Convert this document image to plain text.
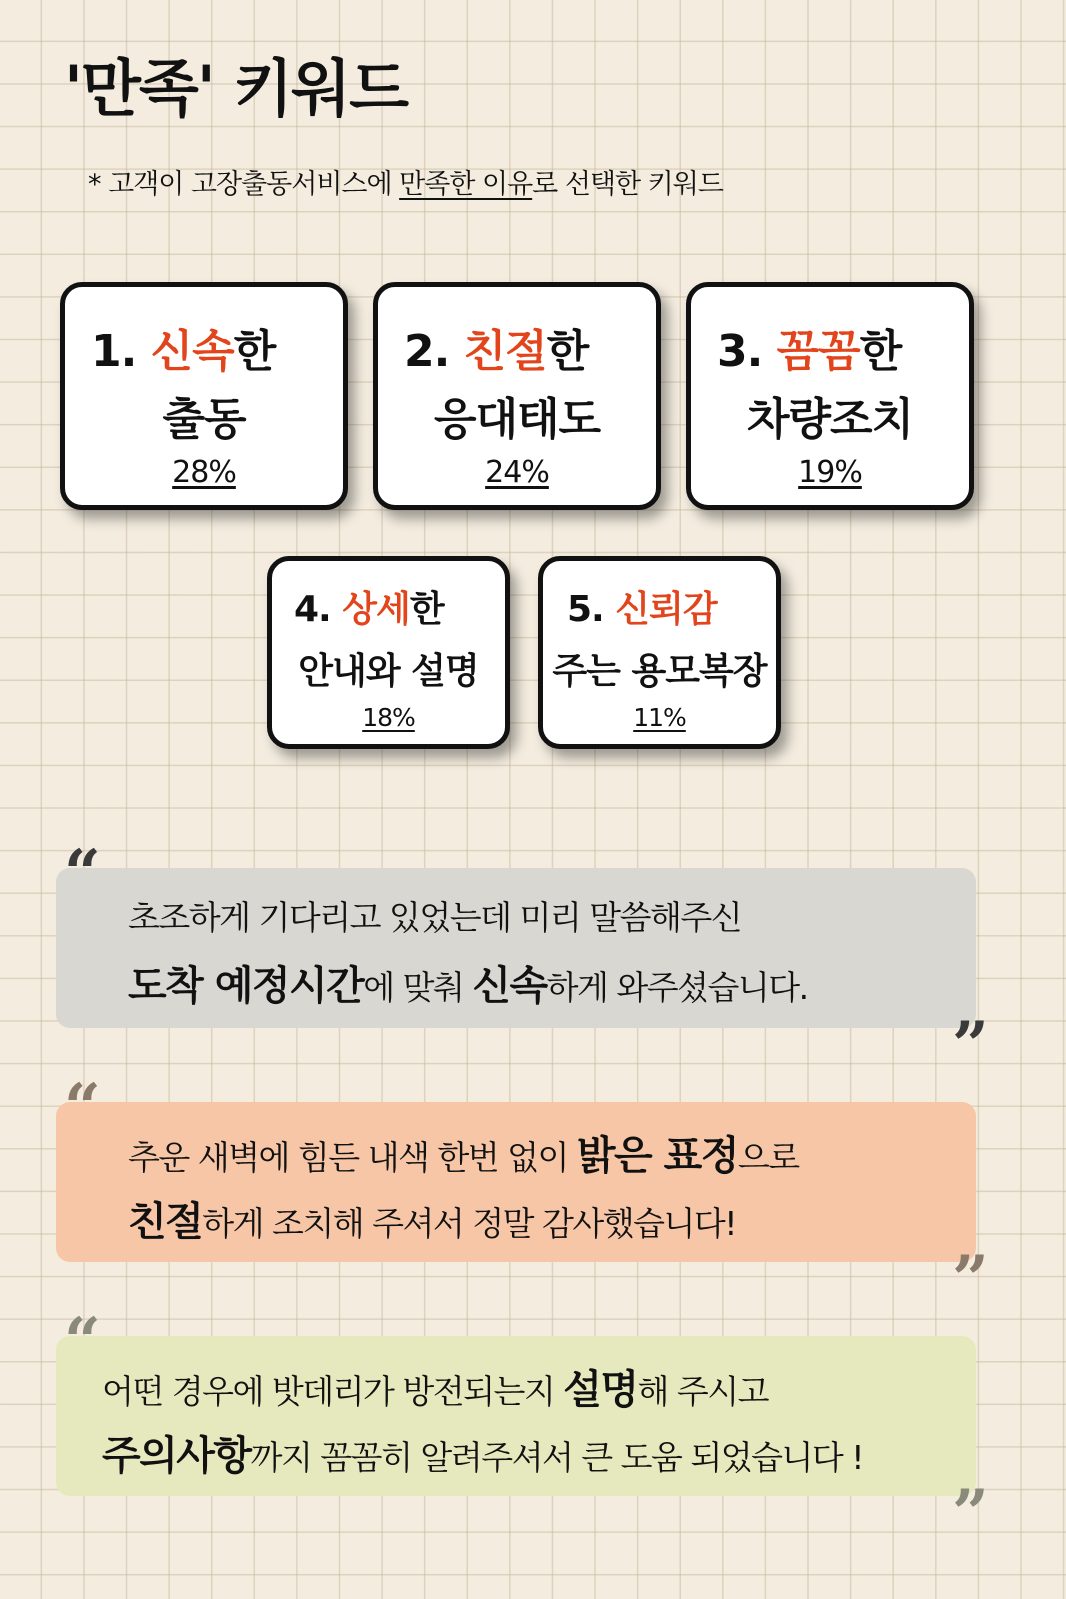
'만족' 키워드
* 고객이 고장출동서비스에 만족한 이유로 선택한 키워드
1. 신속한
출동
28%
2. 친절한
응대태도
24%
3. 꼼꼼한
차량조치
19%
4. 상세한
안내와 설명
18%
5. 신뢰감
주는 용모복장
11%
초조하게 기다리고 있었는데 미리 말씀해주신
도착 예정시간에 맞춰 신속하게 와주셨습니다.
”
추운 새벽에 힘든 내색 한번 없이 밝은 표정으로
친절하게 조치해 주셔서 정말 감사했습니다!
”
어떤 경우에 밧데리가 방전되는지 설명해 주시고
주의사항까지 꼼꼼히 알려주셔서 큰 도움 되었습니다 !
”
